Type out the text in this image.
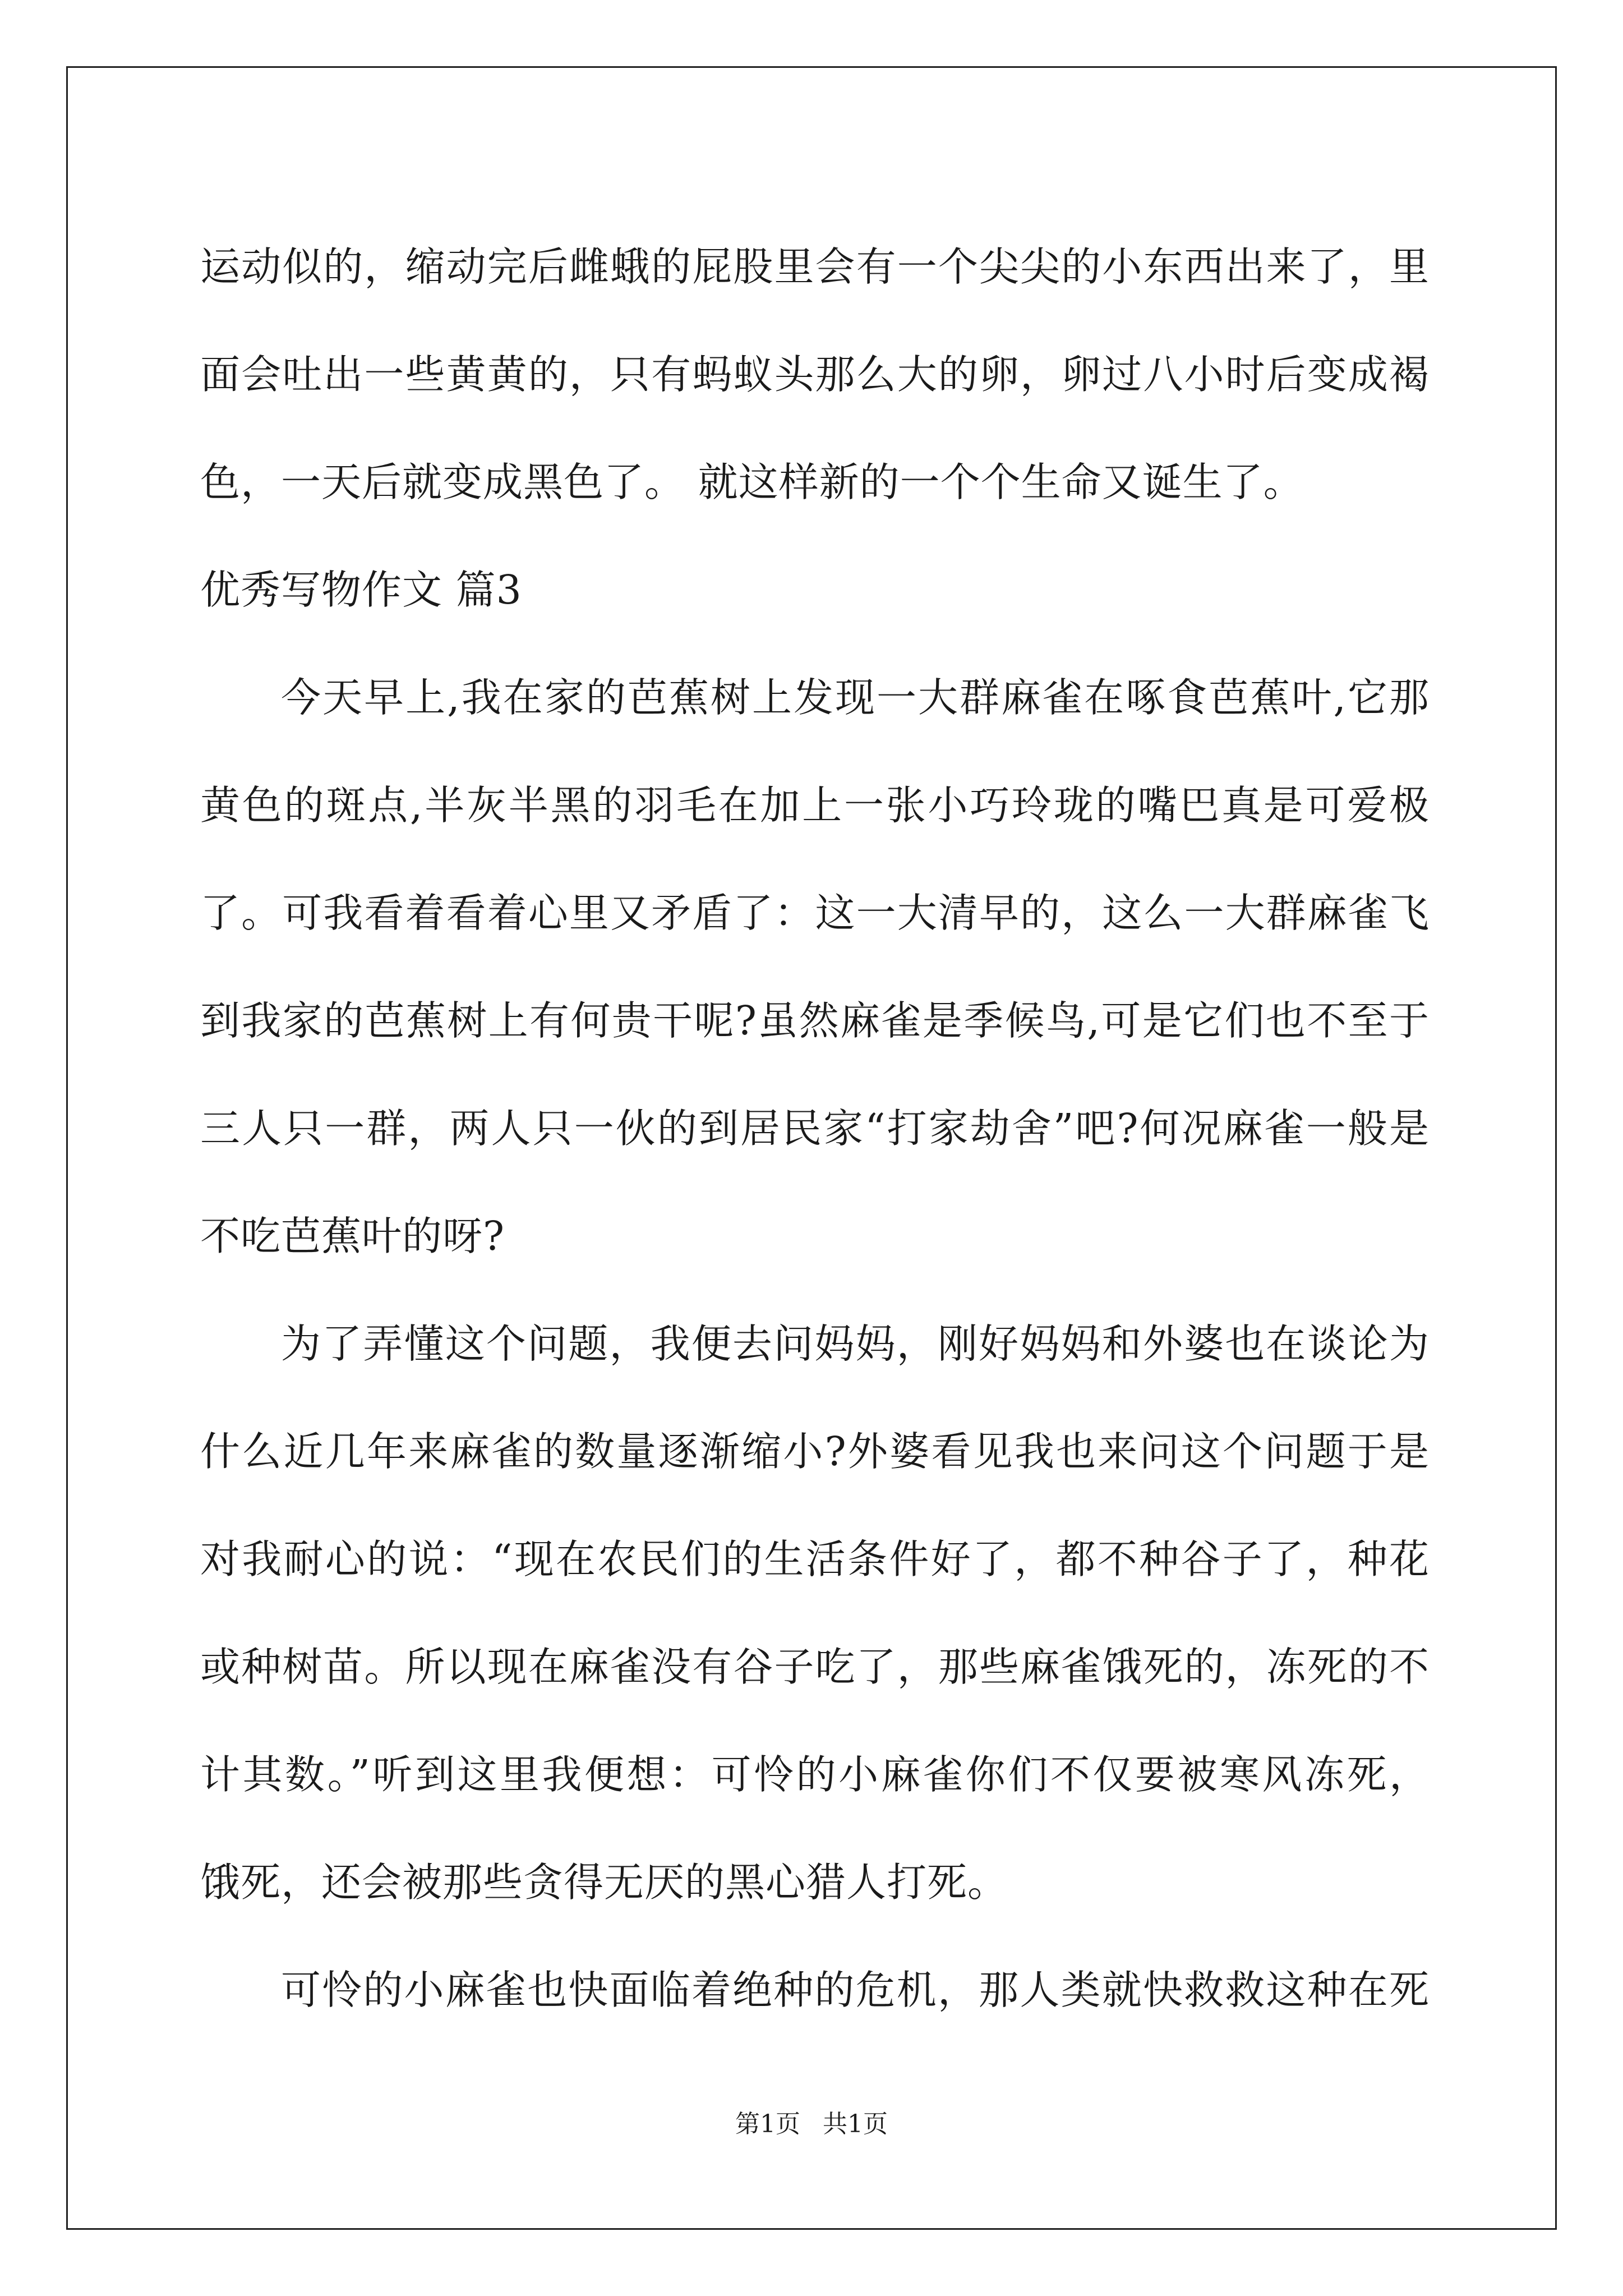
运动似的，缩动完后雌蛾的屁股里会有一个尖尖的小东西出来了，里
面会吐出一些黄黄的，只有蚂蚁头那么大的卵，卵过八小时后变成褐
色，一天后就变成黑色了。 就这样新的一个个生命又诞生了。
优秀写物作文 篇3
今天早上,我在家的芭蕉树上发现一大群麻雀在啄食芭蕉叶,它那
黄色的斑点,半灰半黑的羽毛在加上一张小巧玲珑的嘴巴真是可爱极
了。可我看着看着心里又矛盾了：这一大清早的，这么一大群麻雀飞
到我家的芭蕉树上有何贵干呢?虽然麻雀是季候鸟,可是它们也不至于
三人只一群，两人只一伙的到居民家“打家劫舍”吧?何况麻雀一般是
不吃芭蕉叶的呀?
为了弄懂这个问题，我便去问妈妈，刚好妈妈和外婆也在谈论为
什么近几年来麻雀的数量逐渐缩小?外婆看见我也来问这个问题于是
对我耐心的说：“现在农民们的生活条件好了，都不种谷子了，种花
或种树苗。所以现在麻雀没有谷子吃了，那些麻雀饿死的，冻死的不
计其数。”听到这里我便想：可怜的小麻雀你们不仅要被寒风冻死，
饿死，还会被那些贪得无厌的黑心猎人打死。
可怜的小麻雀也快面临着绝种的危机，那人类就快救救这种在死
第1页 共1页
